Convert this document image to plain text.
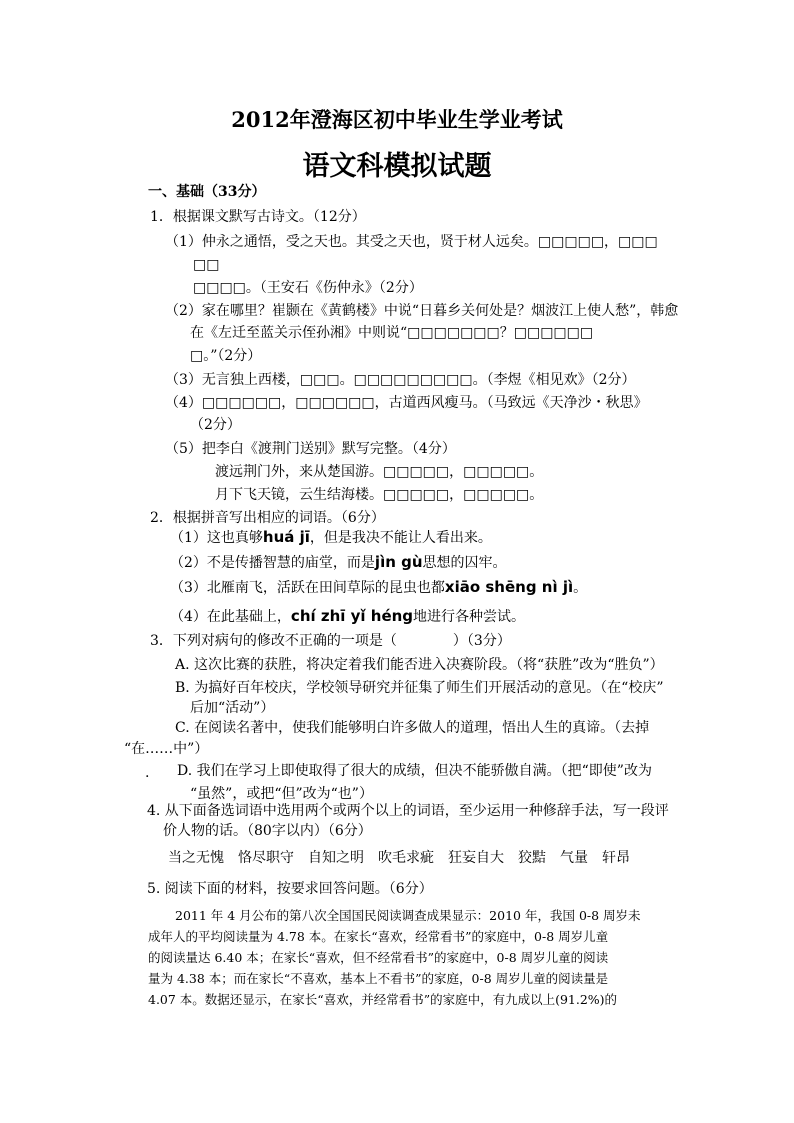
2012年澄海区初中毕业生学业考试
语文科模拟试题
一、基础（33分）
1．根据课文默写古诗文。（12分）
（1）仲永之通悟，受之天也。其受之天也，贤于材人远矣。□□□□□，□□□
□□
□□□□。（王安石《伤仲永》（2分）
（2）家在哪里？崔颢在《黄鹤楼》中说“日暮乡关何处是？烟波江上使人愁”，韩愈
在《左迁至蓝关示侄孙湘》中则说“□□□□□□□？□□□□□□
□。”（2分）
（3）无言独上西楼，□□□。□□□□□□□□□。（李煜《相见欢》（2分）
（4）□□□□□□，□□□□□□，古道西风瘦马。（马致远《天净沙・秋思》
（2分）
（5）把李白《渡荆门送别》默写完整。（4分）
渡远荆门外，来从楚国游。□□□□□，□□□□□。
月下飞天镜，云生结海楼。□□□□□，□□□□□。
2．根据拼音写出相应的词语。（6分）
（1）这也真够huá jī，但是我决不能让人看出来。
（2）不是传播智慧的庙堂，而是jìn gù思想的囚牢。
（3）北雁南飞，活跃在田间草际的昆虫也都xiāo shēng nì jì。
（4）在此基础上，chí zhī yǐ héng地进行各种尝试。
3．下列对病句的修改不正确的一项是（　　　　）（3分）
A. 这次比赛的获胜，将决定着我们能否进入决赛阶段。（将“获胜”改为“胜负”）
B. 为搞好百年校庆，学校领导研究并征集了师生们开展活动的意见。（在“校庆”
后加“活动”）
C. 在阅读名著中，使我们能够明白许多做人的道理，悟出人生的真谛。（去掉
“在……中”）
. D. 我们在学习上即使取得了很大的成绩，但决不能骄傲自满。（把“即使”改为
“虽然”，或把“但”改为“也”）
4. 从下面备选词语中选用两个或两个以上的词语，至少运用一种修辞手法，写一段评
价人物的话。（80字以内）（6分）
当之无愧　恪尽职守　自知之明　吹毛求疵　狂妄自大　狡黠　气量　轩昂
5. 阅读下面的材料，按要求回答问题。（6分）
2011 年 4 月公布的第八次全国国民阅读调查成果显示：2010 年，我国 0-8 周岁未
成年人的平均阅读量为 4.78 本。在家长“喜欢，经常看书”的家庭中，0-8 周岁儿童
的阅读量达 6.40 本；在家长“喜欢，但不经常看书”的家庭中，0-8 周岁儿童的阅读
量为 4.38 本；而在家长“不喜欢，基本上不看书”的家庭，0-8 周岁儿童的阅读量是
4.07 本。数据还显示，在家长“喜欢，并经常看书”的家庭中，有九成以上(91.2%)的
